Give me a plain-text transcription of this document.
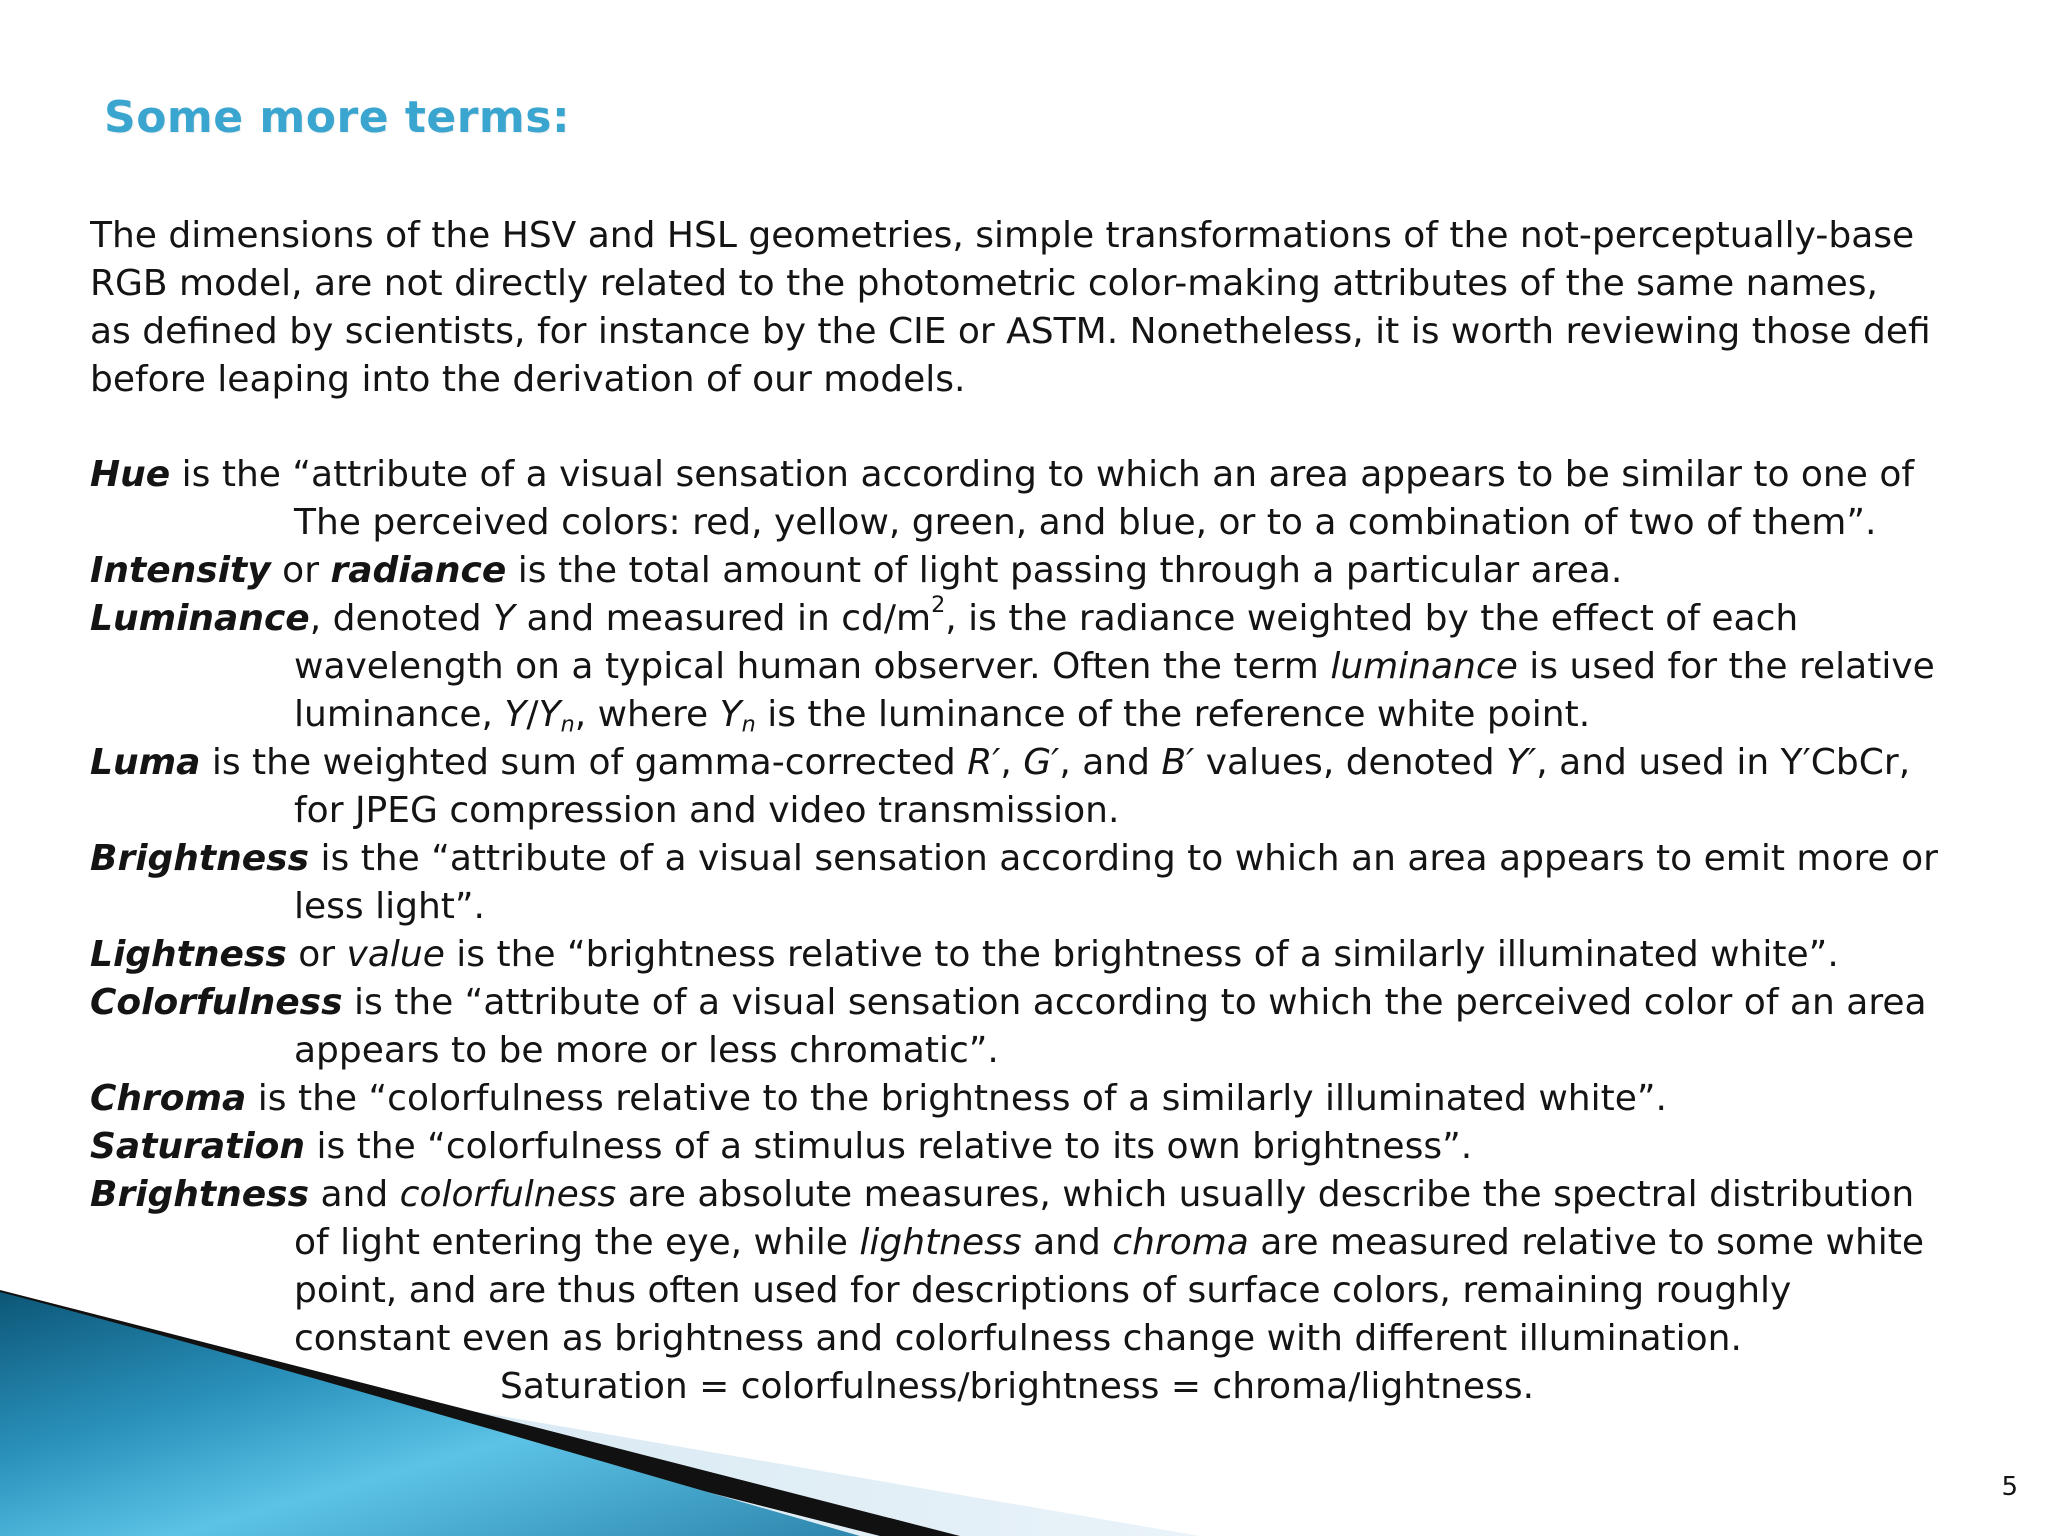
Some more terms:
The dimensions of the HSV and HSL geometries, simple transformations of the not-perceptually-base
RGB model, are not directly related to the photometric color-making attributes of the same names,
as defined by scientists, for instance by the CIE or ASTM. Nonetheless, it is worth reviewing those defi
before leaping into the derivation of our models.
Hue is the “attribute of a visual sensation according to which an area appears to be similar to one of
The perceived colors: red, yellow, green, and blue, or to a combination of two of them”.
Intensity or radiance is the total amount of light passing through a particular area.
Luminance, denoted Y and measured in $cd/m^2$, is the radiance weighted by the effect of each
wavelength on a typical human observer. Often the term luminance is used for the relative
luminance, $Y/Y_n$, where $Y_n$ is the luminance of the reference white point.
Luma is the weighted sum of gamma-corrected R′, G′, and B′ values, denoted Y′, and used in Y′CbCr,
for JPEG compression and video transmission.
Brightness is the “attribute of a visual sensation according to which an area appears to emit more or
less light”.
Lightness or value is the “brightness relative to the brightness of a similarly illuminated white”.
Colorfulness is the “attribute of a visual sensation according to which the perceived color of an area
appears to be more or less chromatic”.
Chroma is the “colorfulness relative to the brightness of a similarly illuminated white”.
Saturation is the “colorfulness of a stimulus relative to its own brightness”.
Brightness and colorfulness are absolute measures, which usually describe the spectral distribution
of light entering the eye, while lightness and chroma are measured relative to some white
point, and are thus often used for descriptions of surface colors, remaining roughly
constant even as brightness and colorfulness change with different illumination.
Saturation = colorfulness/brightness = chroma/lightness.
5
